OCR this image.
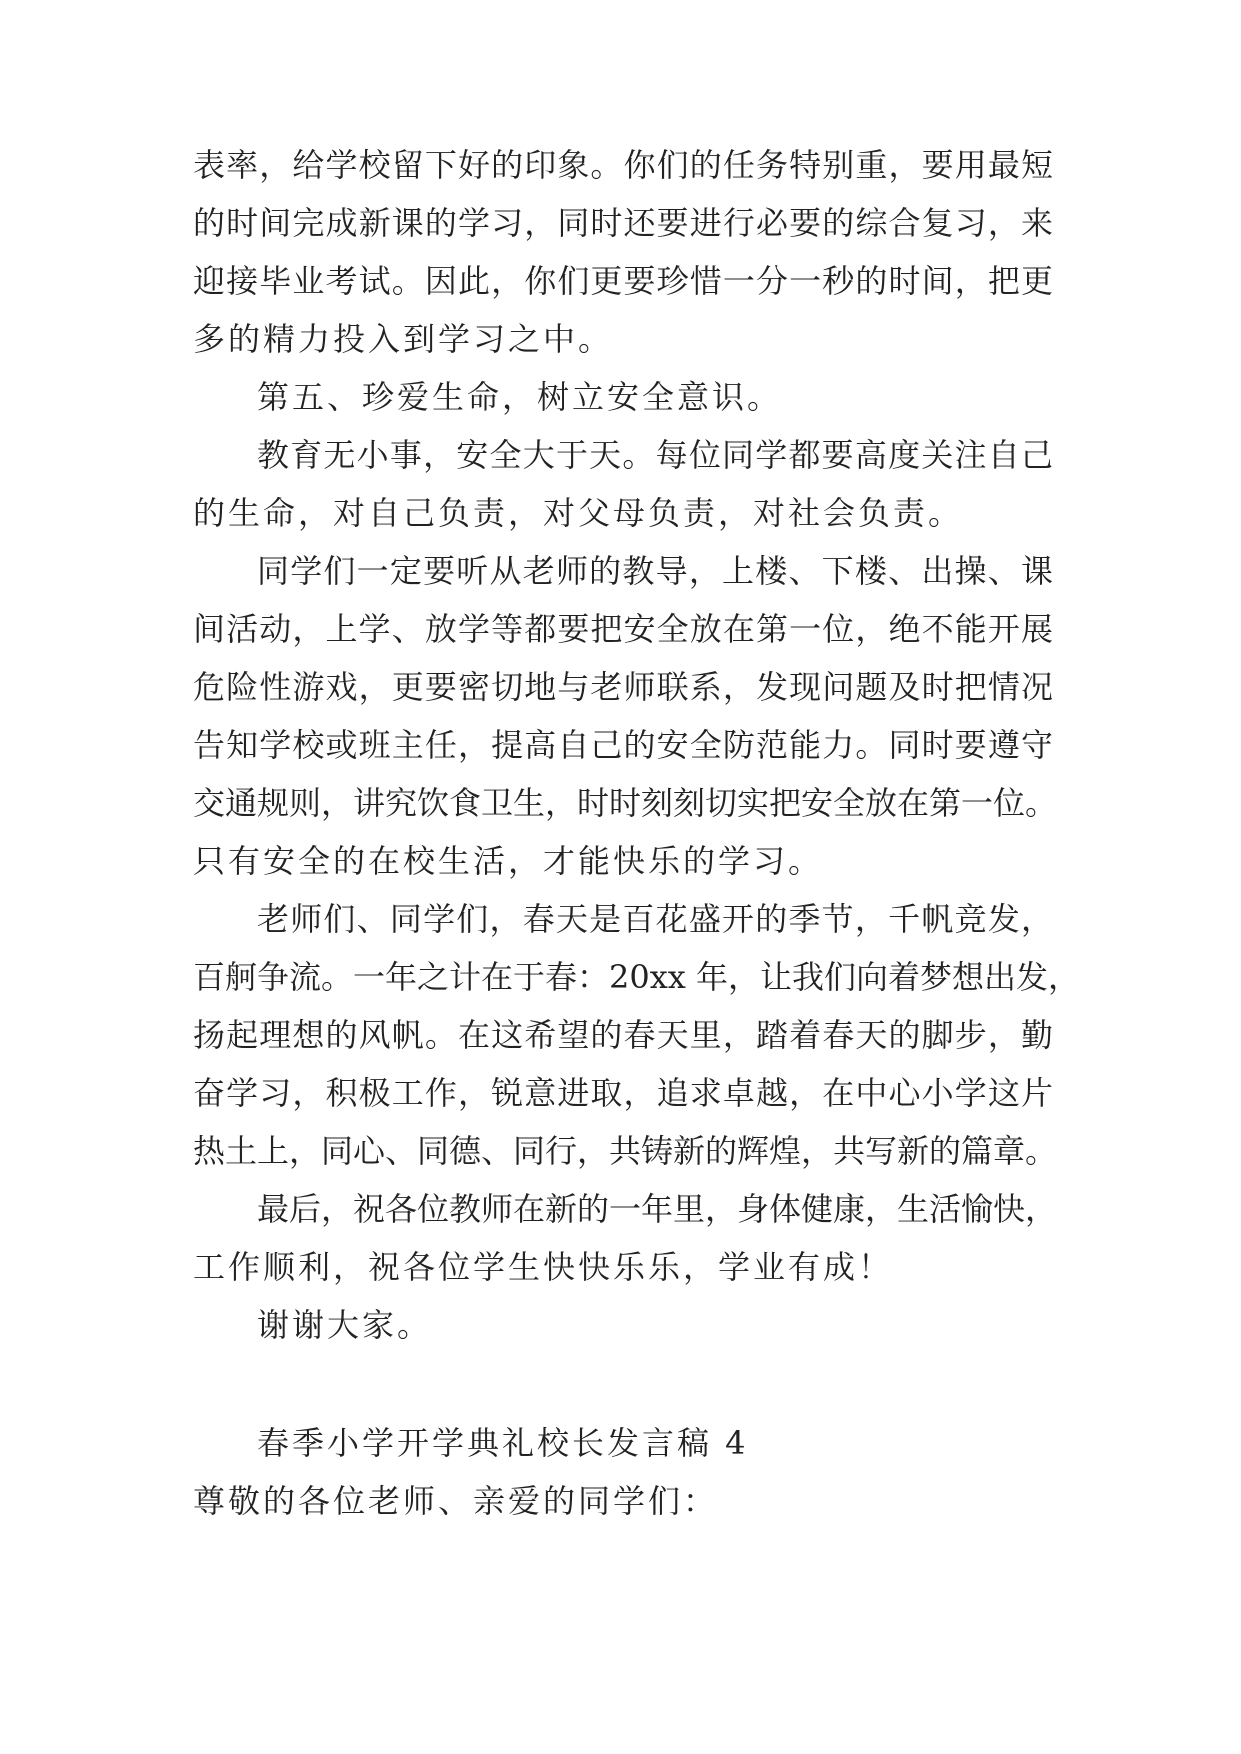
表率，给学校留下好的印象。你们的任务特别重，要用最短
的时间完成新课的学习，同时还要进行必要的综合复习，来
迎接毕业考试。因此，你们更要珍惜一分一秒的时间，把更
多的精力投入到学习之中。
第五、珍爱生命，树立安全意识。
教育无小事，安全大于天。每位同学都要高度关注自己
的生命，对自己负责，对父母负责，对社会负责。
同学们一定要听从老师的教导，上楼、下楼、出操、课
间活动，上学、放学等都要把安全放在第一位，绝不能开展
危险性游戏，更要密切地与老师联系，发现问题及时把情况
告知学校或班主任，提高自己的安全防范能力。同时要遵守
交通规则，讲究饮食卫生，时时刻刻切实把安全放在第一位。
只有安全的在校生活，才能快乐的学习。
老师们、同学们，春天是百花盛开的季节，千帆竞发，
百舸争流。一年之计在于春：20xx 年，让我们向着梦想出发，
扬起理想的风帆。在这希望的春天里，踏着春天的脚步，勤
奋学习，积极工作，锐意进取，追求卓越，在中心小学这片
热土上，同心、同德、同行，共铸新的辉煌，共写新的篇章。
最后，祝各位教师在新的一年里，身体健康，生活愉快，
工作顺利，祝各位学生快快乐乐，学业有成！
谢谢大家。
春季小学开学典礼校长发言稿 4
尊敬的各位老师、亲爱的同学们：
